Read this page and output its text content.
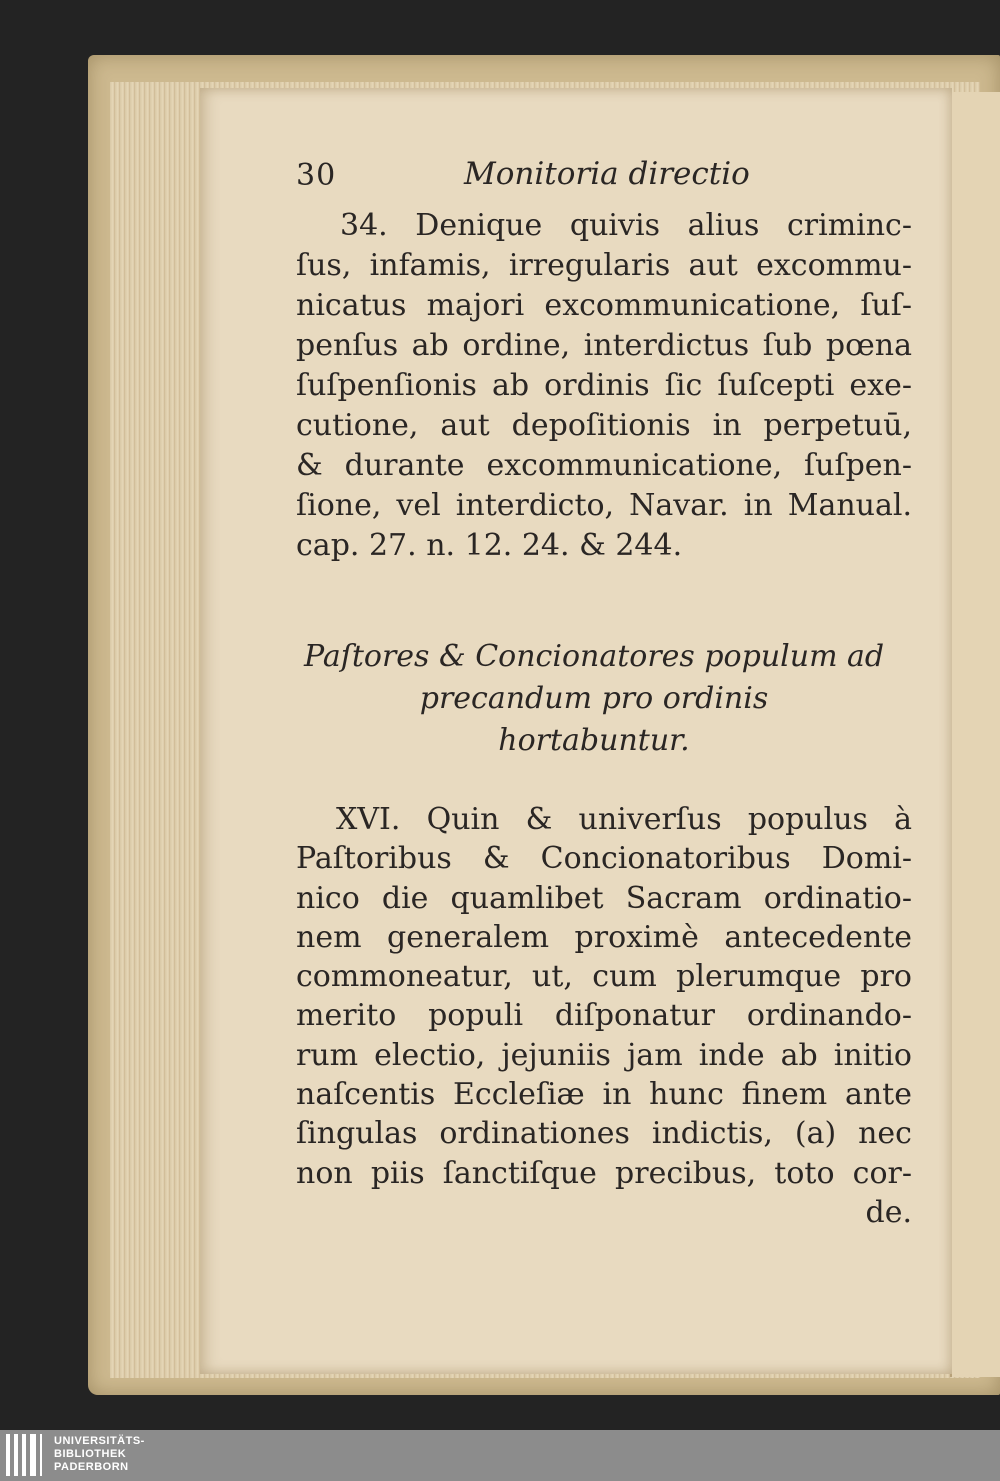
30	Monitoria directio
34. Denique quivis alius criminc-
ſus, infamis, irregularis aut excommu-
nicatus majori excommunicatione, ſuſ-
penſus ab ordine, interdictus ſub pœna
ſuſpenſionis ab ordinis ſic ſuſcepti exe-
cutione, aut depoſitionis in perpetuū,
& durante excommunicatione, ſuſpen-
ſione, vel interdicto, Navar. in Manual.
cap. 27. n. 12. 24. & 244.
Paſtores & Concionatores populum ad
precandum pro ordinis
hortabuntur.
XVI. Quin & univerſus populus à
Paſtoribus & Concionatoribus Domi-
nico die quamlibet Sacram ordinatio-
nem generalem proximè antecedente
commoneatur, ut, cum plerumque pro
merito populi diſponatur ordinando-
rum electio, jejuniis jam inde ab initio
naſcentis Eccleſiæ in hunc finem ante
ſingulas ordinationes indictis, (a) nec
non piis ſanctiſque precibus, toto cor-
de.
UNIVERSITÄTS-
BIBLIOTHEK
PADERBORN
